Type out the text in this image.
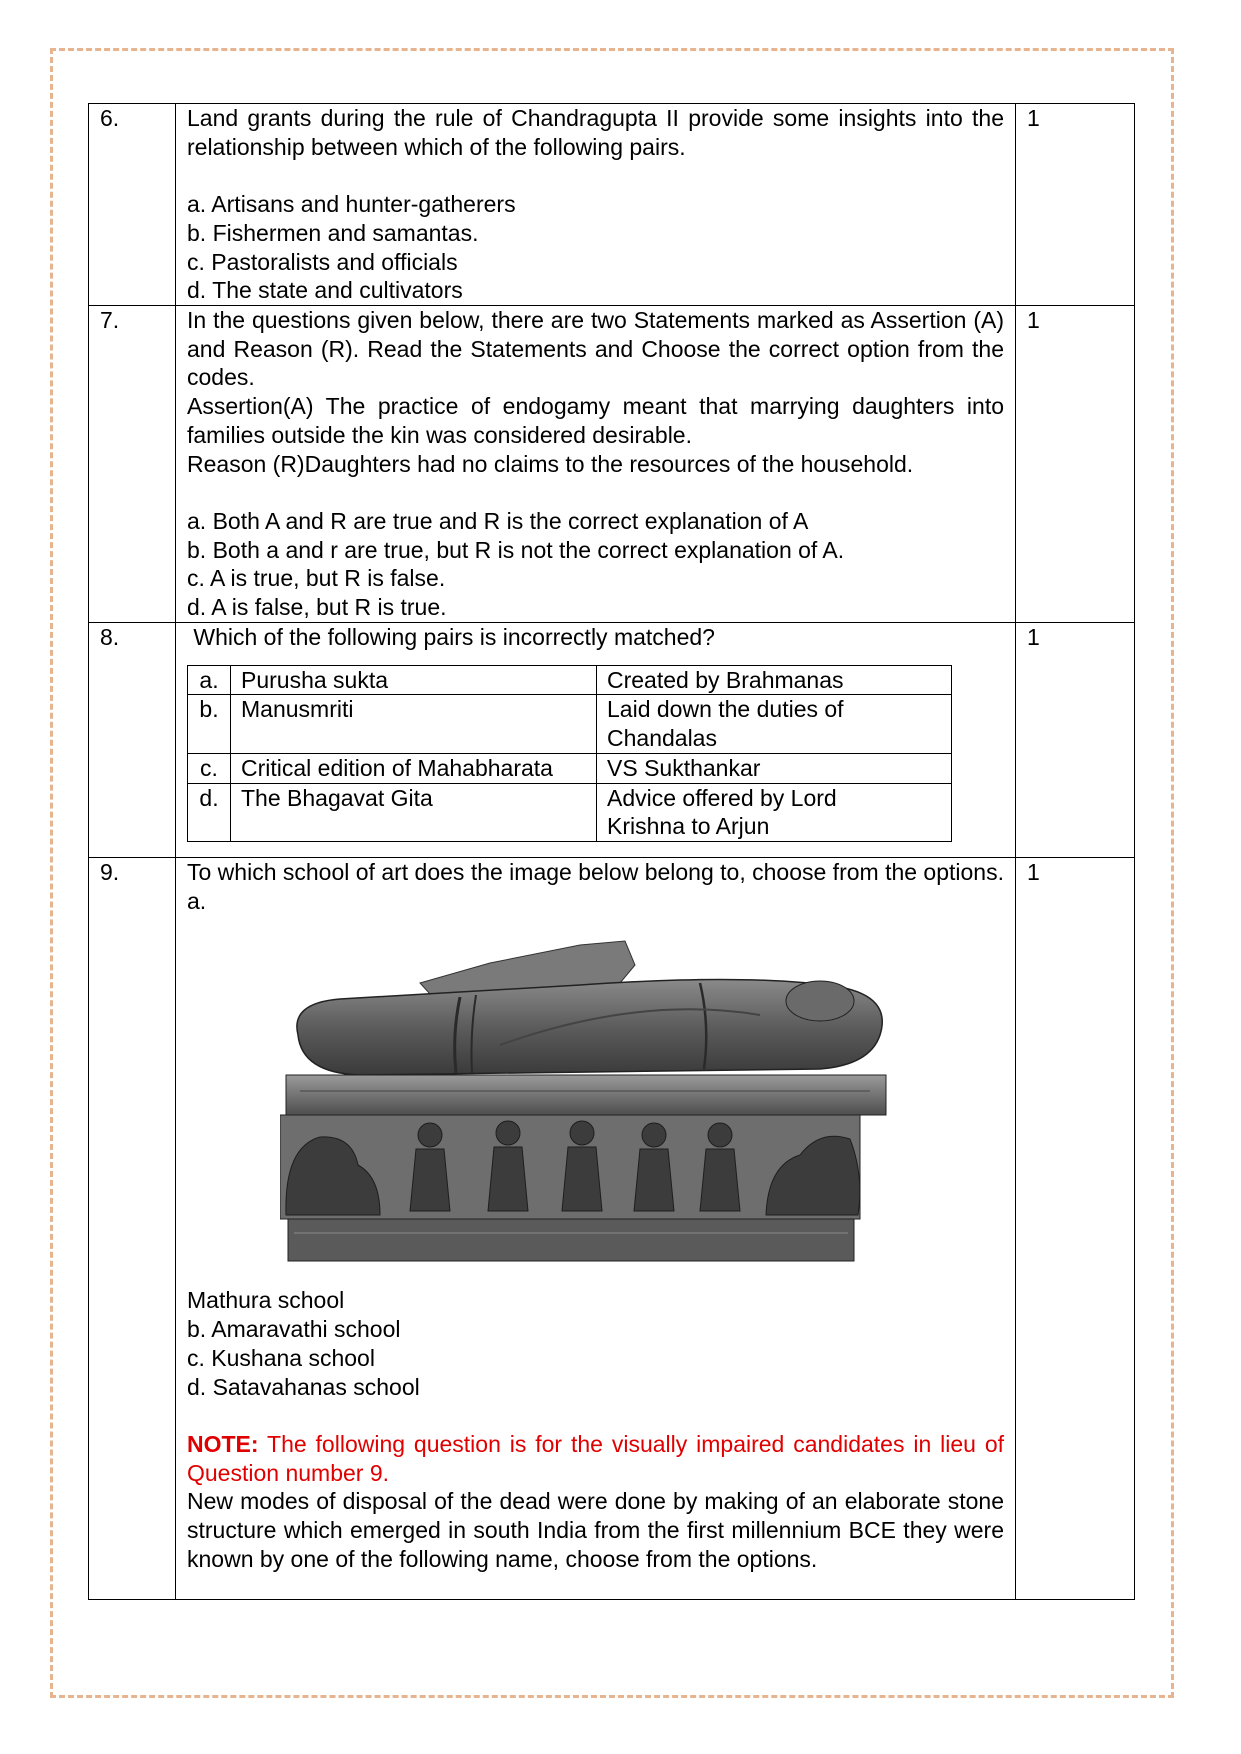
6.	Land grants during the rule of Chandragupta II provide some insights into the relationship between which of the following pairs.
a. Artisans and hunter-gatherers
b. Fishermen and samantas.
c. Pastoralists and officials
d. The state and cultivators
	1
7.	In the questions given below, there are two Statements marked as Assertion (A) and Reason (R). Read the Statements and Choose the correct option from the codes.
Assertion(A) The practice of endogamy meant that marrying daughters into families outside the kin was considered desirable.
Reason (R)Daughters had no claims to the resources of the household.
a. Both A and R are true and R is the correct explanation of A
b. Both a and r are true, but R is not the correct explanation of A.
c. A is true, but R is false.
d. A is false, but R is true.
	1
8.	Which of the following pairs is incorrectly matched?
a.	Purusha sukta	Created by Brahmanas
b.	Manusmriti	Laid down the duties of Chandalas
c.	Critical edition of Mahabharata	VS Sukthankar
d.	The Bhagavat Gita	Advice offered by Lord Krishna to Arjun
	1
9.	To which school of art does the image below belong to, choose from the options.
a.
Mathura school
b. Amaravathi school
c. Kushana school
d. Satavahanas school
NOTE: The following question is for the visually impaired candidates in lieu of Question number 9.
New modes of disposal of the dead were done by making of an elaborate stone structure which emerged in south India from the first millennium BCE they were known by one of the following name, choose from the options.
	1
